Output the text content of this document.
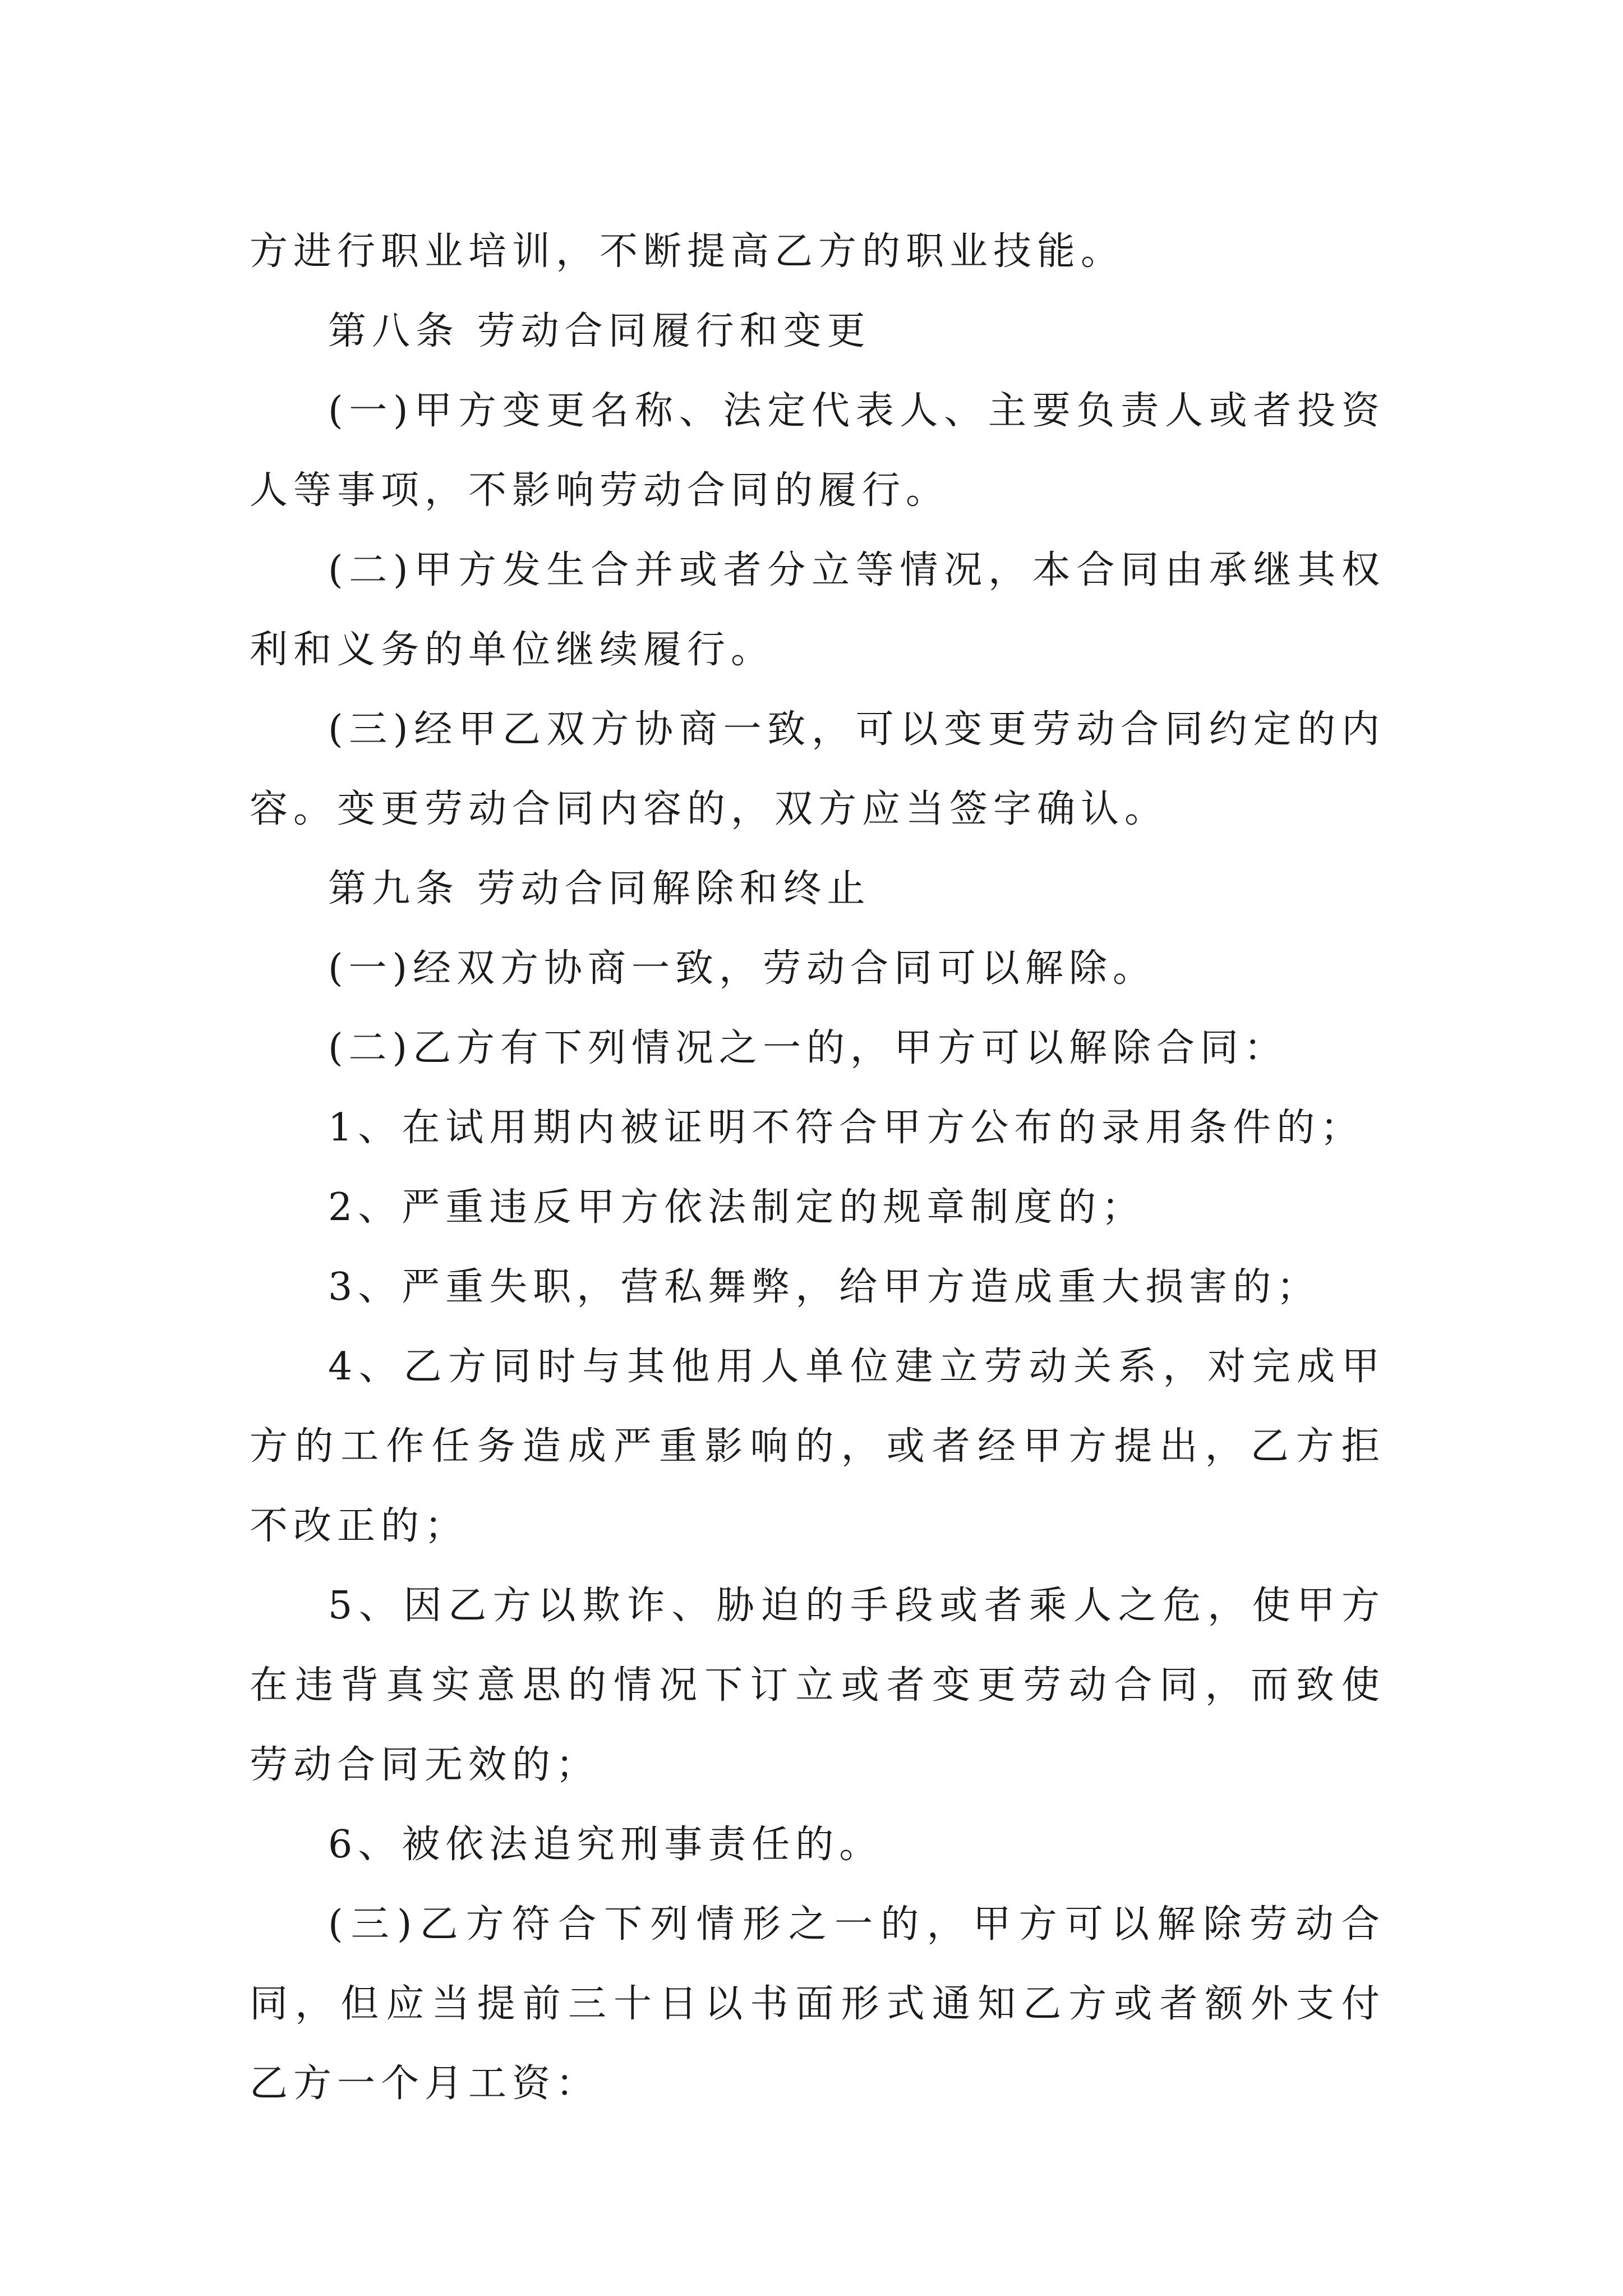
方进行职业培训，不断提高乙方的职业技能。

第八条 劳动合同履行和变更

(一)甲方变更名称、法定代表人、主要负责人或者投资人等事项，不影响劳动合同的履行。

(二)甲方发生合并或者分立等情况，本合同由承继其权利和义务的单位继续履行。

(三)经甲乙双方协商一致，可以变更劳动合同约定的内容。变更劳动合同内容的，双方应当签字确认。

第九条 劳动合同解除和终止

(一)经双方协商一致，劳动合同可以解除。

(二)乙方有下列情况之一的，甲方可以解除合同：

1、在试用期内被证明不符合甲方公布的录用条件的；

2、严重违反甲方依法制定的规章制度的；

3、严重失职，营私舞弊，给甲方造成重大损害的；

4、乙方同时与其他用人单位建立劳动关系，对完成甲方的工作任务造成严重影响的，或者经甲方提出，乙方拒不改正的；

5、因乙方以欺诈、胁迫的手段或者乘人之危，使甲方在违背真实意思的情况下订立或者变更劳动合同，而致使劳动合同无效的；

6、被依法追究刑事责任的。

(三)乙方符合下列情形之一的，甲方可以解除劳动合同，但应当提前三十日以书面形式通知乙方或者额外支付乙方一个月工资：
